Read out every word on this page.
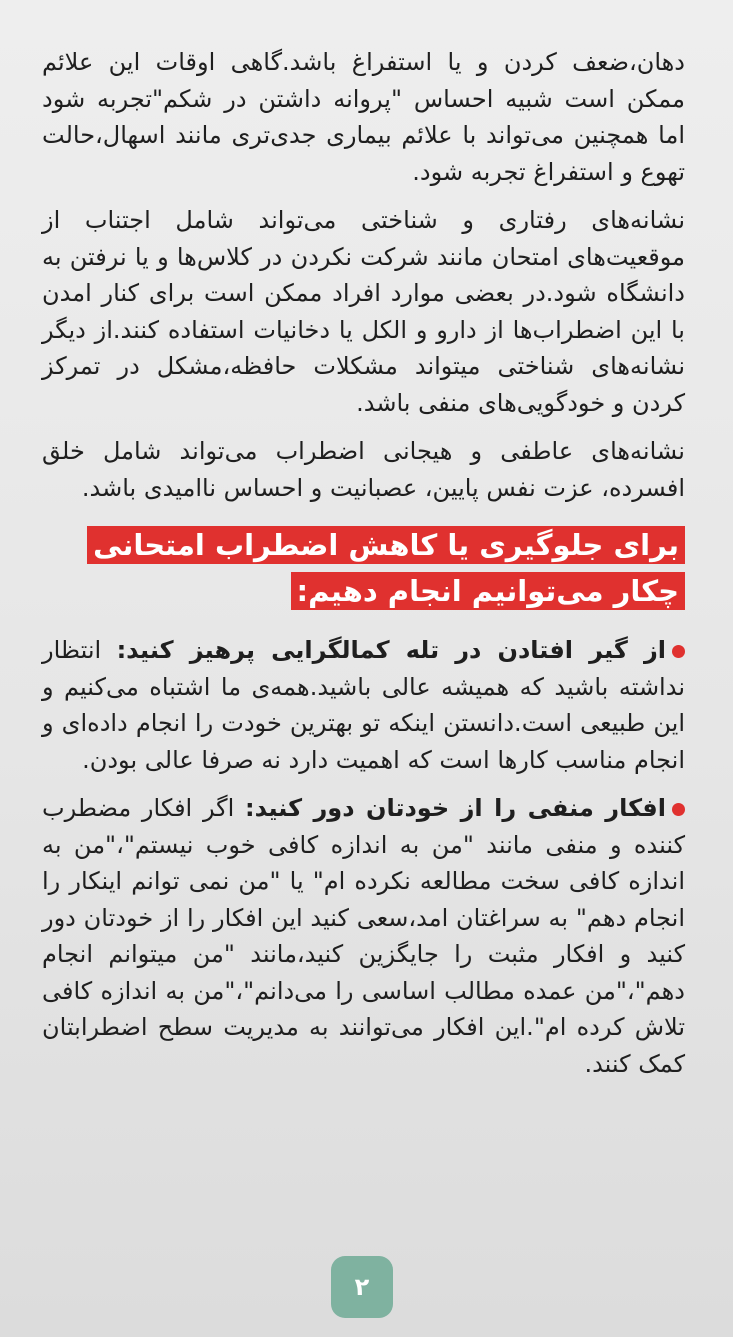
دهان،ضعف کردن و یا استفراغ باشد.گاهی اوقات این علائم ممکن است شبیه احساس "پروانه داشتن در شکم"تجربه شود اما همچنین می‌تواند با علائم بیماری جدی‌تری مانند اسهال،حالت تهوع و استفراغ تجربه شود.

نشانه‌های رفتاری و شناختی می‌تواند شامل اجتناب از موقعیت‌های امتحان مانند شرکت نکردن در کلاس‌ها و یا نرفتن به دانشگاه شود.در بعضی موارد افراد ممکن است برای کنار امدن با این اضطراب‌ها از دارو و الکل یا دخانیات استفاده کنند.از دیگر نشانه‌های شناختی میتواند مشکلات حافظه،مشکل در تمرکز کردن و خودگویی‌های منفی باشد.

نشانه‌های عاطفی و هیجانی اضطراب می‌تواند شامل خلق افسرده، عزت نفس پایین، عصبانیت و احساس ناامیدی باشد.

برای جلوگیری یا کاهش اضطراب امتحانی
چکار می‌توانیم انجام دهیم:

از گیر افتادن در تله کمالگرایی پرهیز کنید: انتظار نداشته باشید که همیشه عالی باشید.همه‌ی ما اشتباه می‌کنیم و این طبیعی است.دانستن اینکه تو بهترین خودت را انجام داده‌ای و انجام مناسب کارها است که اهمیت دارد نه صرفا عالی بودن.

افکار منفی را از خودتان دور کنید: اگر افکار مضطرب کننده و منفی مانند "من به اندازه کافی خوب نیستم"،"من به اندازه کافی سخت مطالعه نکرده ام" یا "من نمی توانم اینکار را انجام دهم" به سراغتان امد،سعی کنید این افکار را از خودتان دور کنید و افکار مثبت را جایگزین کنید،مانند "من میتوانم انجام دهم"،"من عمده مطالب اساسی را می‌دانم"،"من به اندازه کافی تلاش کرده ام".این افکار می‌توانند به مدیریت سطح اضطرابتان کمک کنند.

۲
